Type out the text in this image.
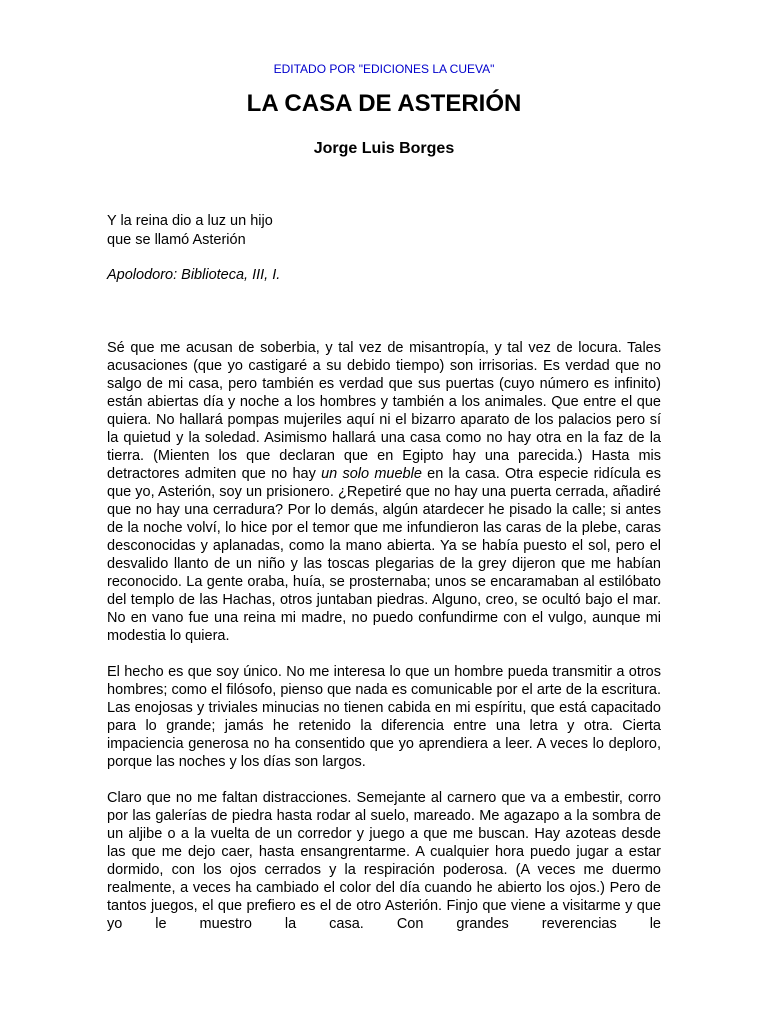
EDITADO POR "EDICIONES LA CUEVA"
LA CASA DE ASTERIÓN
Jorge Luis Borges

Y la reina dio a luz un hijo
que se llamó Asterión

Apolodoro: Biblioteca, III, I.

Sé que me acusan de soberbia, y tal vez de misantropía, y tal vez de locura. Tales acusaciones (que yo castigaré a su debido tiempo) son irrisorias. Es verdad que no salgo de mi casa, pero también es verdad que sus puertas (cuyo número es infinito) están abiertas día y noche a los hombres y también a los animales. Que entre el que quiera. No hallará pompas mujeriles aquí ni el bizarro aparato de los palacios pero sí la quietud y la soledad. Asimismo hallará una casa como no hay otra en la faz de la tierra. (Mienten los que declaran que en Egipto hay una parecida.) Hasta mis detractores admiten que no hay un solo mueble en la casa. Otra especie ridícula es que yo, Asterión, soy un prisionero. ¿Repetiré que no hay una puerta cerrada, añadiré que no hay una cerradura? Por lo demás, algún atardecer he pisado la calle; si antes de la noche volví, lo hice por el temor que me infundieron las caras de la plebe, caras desconocidas y aplanadas, como la mano abierta. Ya se había puesto el sol, pero el desvalido llanto de un niño y las toscas plegarias de la grey dijeron que me habían reconocido. La gente oraba, huía, se prosternaba; unos se encaramaban al estilóbato del templo de las Hachas, otros juntaban piedras. Alguno, creo, se ocultó bajo el mar. No en vano fue una reina mi madre, no puedo confundirme con el vulgo, aunque mi modestia lo quiera.

El hecho es que soy único. No me interesa lo que un hombre pueda transmitir a otros hombres; como el filósofo, pienso que nada es comunicable por el arte de la escritura. Las enojosas y triviales minucias no tienen cabida en mi espíritu, que está capacitado para lo grande; jamás he retenido la diferencia entre una letra y otra. Cierta impaciencia generosa no ha consentido que yo aprendiera a leer. A veces lo deploro, porque las noches y los días son largos.

Claro que no me faltan distracciones. Semejante al carnero que va a embestir, corro por las galerías de piedra hasta rodar al suelo, mareado. Me agazapo a la sombra de un aljibe o a la vuelta de un corredor y juego a que me buscan. Hay azoteas desde las que me dejo caer, hasta ensangrentarme. A cualquier hora puedo jugar a estar dormido, con los ojos cerrados y la respiración poderosa. (A veces me duermo realmente, a veces ha cambiado el color del día cuando he abierto los ojos.) Pero de tantos juegos, el que prefiero es el de otro Asterión. Finjo que viene a visitarme y que yo le muestro la casa. Con grandes reverencias le
